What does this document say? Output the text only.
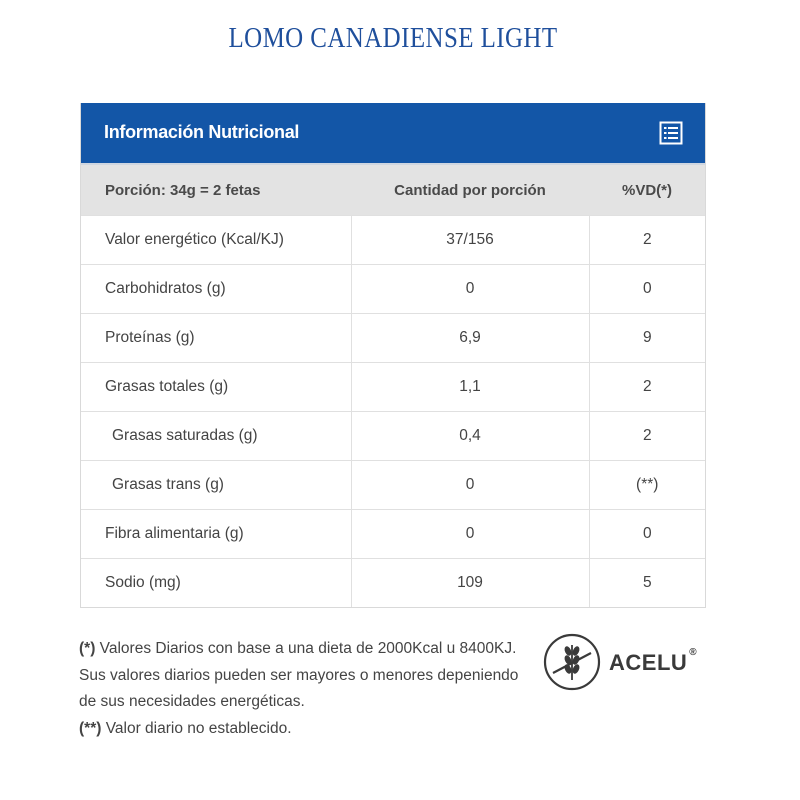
LOMO CANADIENSE LIGHT
Información Nutricional
Porción: 34g = 2 fetas	Cantidad por porción	%VD(*)
Valor energético (Kcal/KJ)	37/156	2
Carbohidratos (g)	0	0
Proteínas (g)	6,9	9
Grasas totales (g)	1,1	2
Grasas saturadas (g)	0,4	2
Grasas trans (g)	0	(**)
Fibra alimentaria (g)	0	0
Sodio (mg)	109	5
(*) Valores Diarios con base a una dieta de 2000Kcal u 8400KJ. Sus valores diarios pueden ser mayores o menores depeniendo de sus necesidades energéticas.
(**) Valor diario no establecido.
ACELU ®
